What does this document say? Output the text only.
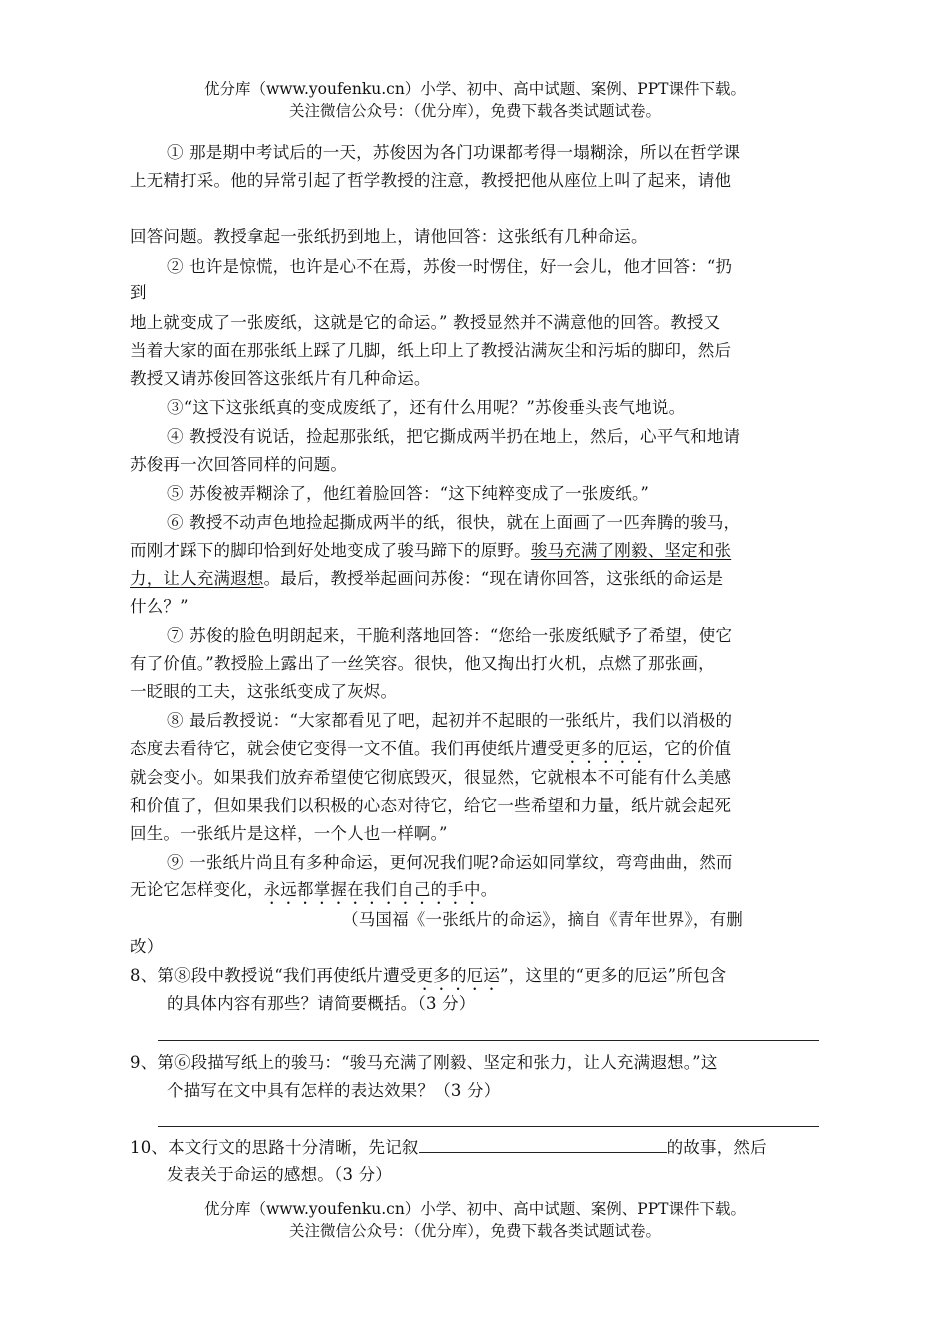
优分库（www.youfenku.cn）小学、初中、高中试题、案例、PPT课件下载。
关注微信公众号：（优分库），免费下载各类试题试卷。
① 那是期中考试后的一天，苏俊因为各门功课都考得一塌糊涂，所以在哲学课
上无精打采。他的异常引起了哲学教授的注意，教授把他从座位上叫了起来，请他
回答问题。教授拿起一张纸扔到地上，请他回答：这张纸有几种命运。
② 也许是惊慌，也许是心不在焉，苏俊一时愣住，好一会儿，他才回答：“扔
到
地上就变成了一张废纸，这就是它的命运。” 教授显然并不满意他的回答。教授又
当着大家的面在那张纸上踩了几脚，纸上印上了教授沾满灰尘和污垢的脚印，然后
教授又请苏俊回答这张纸片有几种命运。
③“这下这张纸真的变成废纸了，还有什么用呢？”苏俊垂头丧气地说。
④ 教授没有说话，捡起那张纸，把它撕成两半扔在地上，然后，心平气和地请
苏俊再一次回答同样的问题。
⑤ 苏俊被弄糊涂了，他红着脸回答：“这下纯粹变成了一张废纸。”
⑥ 教授不动声色地捡起撕成两半的纸，很快，就在上面画了一匹奔腾的骏马，
而刚才踩下的脚印恰到好处地变成了骏马蹄下的原野。骏马充满了刚毅、坚定和张
力，让人充满遐想。最后，教授举起画问苏俊：“现在请你回答，这张纸的命运是
什么？”
⑦ 苏俊的脸色明朗起来，干脆利落地回答：“您给一张废纸赋予了希望，使它
有了价值。”教授脸上露出了一丝笑容。很快，他又掏出打火机，点燃了那张画，
一眨眼的工夫，这张纸变成了灰烬。
⑧ 最后教授说：“大家都看见了吧，起初并不起眼的一张纸片，我们以消极的
态度去看待它，就会使它变得一文不值。我们再使纸片遭受更多的厄运，它的价值
就会变小。如果我们放弃希望使它彻底毁灭，很显然，它就根本不可能有什么美感
和价值了，但如果我们以积极的心态对待它，给它一些希望和力量，纸片就会起死
回生。一张纸片是这样，一个人也一样啊。”
⑨ 一张纸片尚且有多种命运，更何况我们呢?命运如同掌纹，弯弯曲曲，然而
无论它怎样变化，永远都掌握在我们自己的手中。
（马国福《一张纸片的命运》，摘自《青年世界》，有删
改）
8、第⑧段中教授说“我们再使纸片遭受更多的厄运”，这里的“更多的厄运”所包含
的具体内容有那些？请简要概括。（3 分）
9、第⑥段描写纸上的骏马：“骏马充满了刚毅、坚定和张力，让人充满遐想。”这
个描写在文中具有怎样的表达效果？（3 分）
10、本文行文的思路十分清晰，先记叙	的故事，然后
发表关于命运的感想。（3 分）
优分库（www.youfenku.cn）小学、初中、高中试题、案例、PPT课件下载。
关注微信公众号：（优分库），免费下载各类试题试卷。
